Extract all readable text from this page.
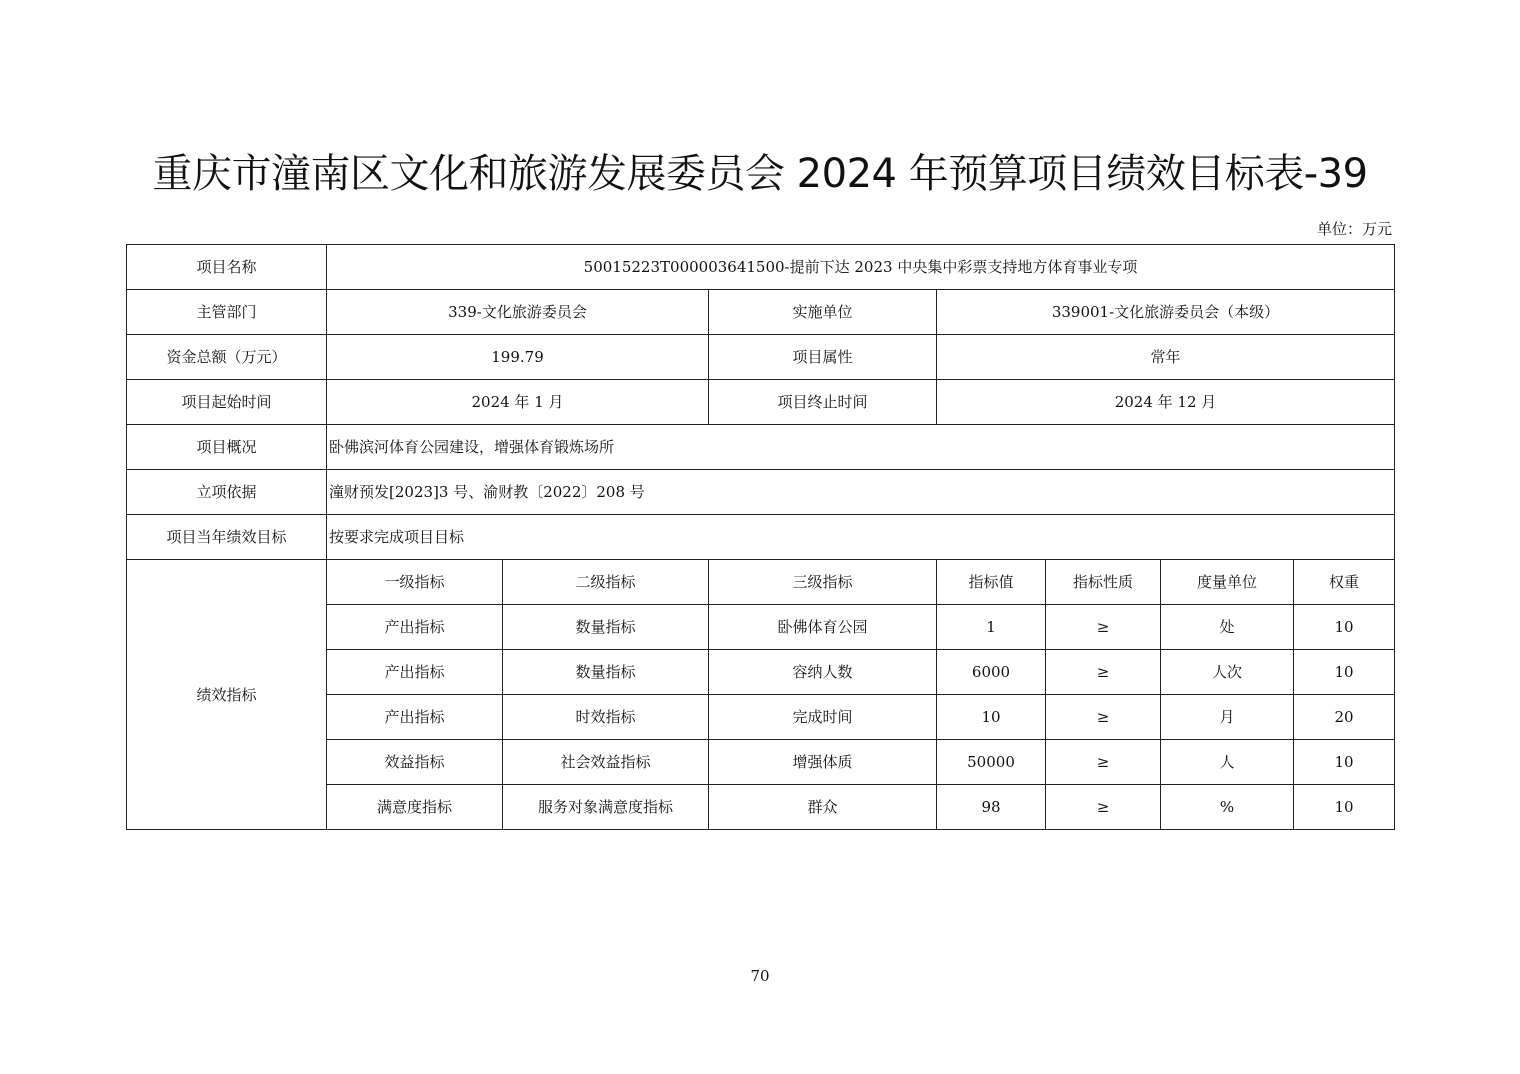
重庆市潼南区文化和旅游发展委员会 2024 年预算项目绩效目标表-39
单位：万元
项目名称	50015223T000003641500-提前下达 2023 中央集中彩票支持地方体育事业专项						
主管部门	339-文化旅游委员会		实施单位	339001-文化旅游委员会（本级）			
资金总额（万元）	199.79		项目属性	常年			
项目起始时间	2024 年 1 月		项目终止时间	2024 年 12 月			
项目概况	卧佛滨河体育公园建设，增强体育锻炼场所						
立项依据	潼财预发[2023]3 号、渝财教〔2022〕208 号						
项目当年绩效目标	按要求完成项目目标						
绩效指标	一级指标	二级指标	三级指标	指标值	指标性质	度量单位	权重
	产出指标	数量指标	卧佛体育公园	1	≥	处	10
	产出指标	数量指标	容纳人数	6000	≥	人次	10
	产出指标	时效指标	完成时间	10	≥	月	20
	效益指标	社会效益指标	增强体质	50000	≥	人	10
	满意度指标	服务对象满意度指标	群众	98	≥	%	10
70
